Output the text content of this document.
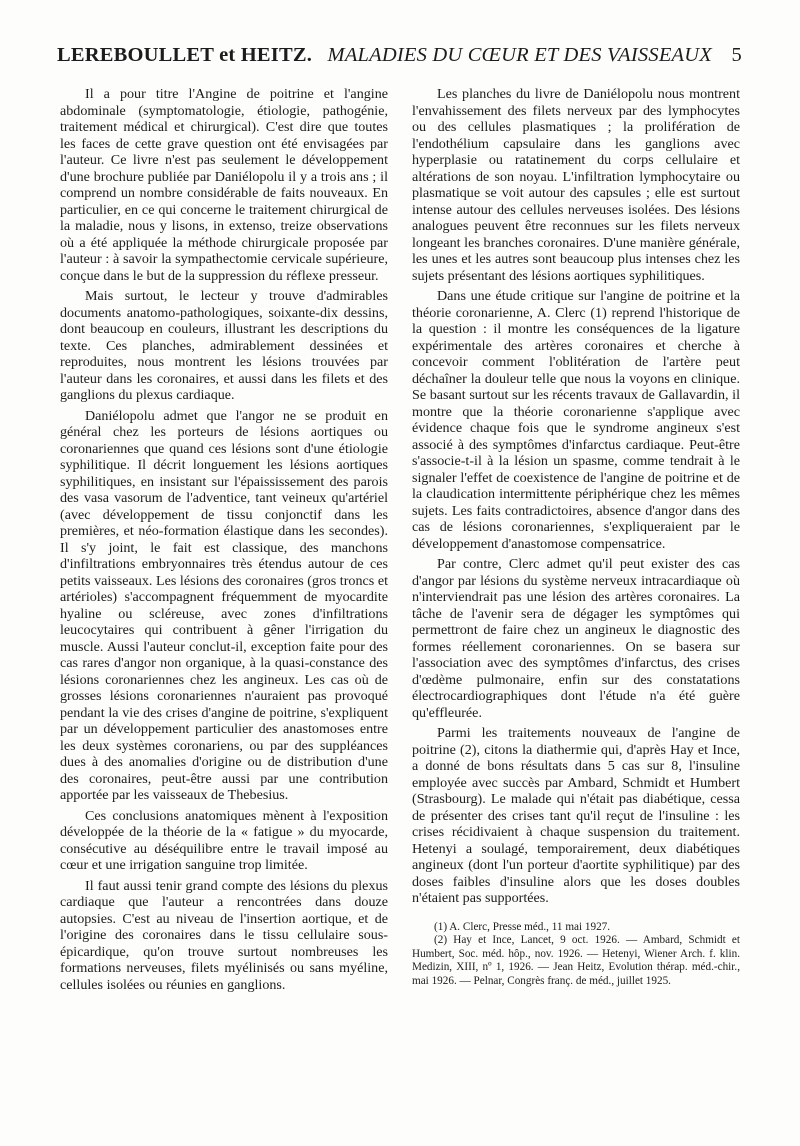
LEREBOULLET et HEITZ. MALADIES DU CŒUR ET DES VAISSEAUX 5

Il a pour titre l'Angine de poitrine et l'angine abdominale (symptomatologie, étiologie, pathogénie, traitement médical et chirurgical). C'est dire que toutes les faces de cette grave question ont été envisagées par l'auteur. Ce livre n'est pas seulement le développement d'une brochure publiée par Daniélopolu il y a trois ans ; il comprend un nombre considérable de faits nouveaux. En particulier, en ce qui concerne le traitement chirurgical de la maladie, nous y lisons, in extenso, treize observations où a été appliquée la méthode chirurgicale proposée par l'auteur : à savoir la sympathectomie cervicale supérieure, conçue dans le but de la suppression du réflexe presseur.

Mais surtout, le lecteur y trouve d'admirables documents anatomo-pathologiques, soixante-dix dessins, dont beaucoup en couleurs, illustrant les descriptions du texte. Ces planches, admirablement dessinées et reproduites, nous montrent les lésions trouvées par l'auteur dans les coronaires, et aussi dans les filets et des ganglions du plexus cardiaque.

Daniélopolu admet que l'angor ne se produit en général chez les porteurs de lésions aortiques ou coronariennes que quand ces lésions sont d'une étiologie syphilitique. Il décrit longuement les lésions aortiques syphilitiques, en insistant sur l'épaississement des parois des vasa vasorum de l'adventice, tant veineux qu'artériel (avec développement de tissu conjonctif dans les premières, et néo-formation élastique dans les secondes). Il s'y joint, le fait est classique, des manchons d'infiltrations embryonnaires très étendus autour de ces petits vaisseaux. Les lésions des coronaires (gros troncs et artérioles) s'accompagnent fréquemment de myocardite hyaline ou scléreuse, avec zones d'infiltrations leucocytaires qui contribuent à gêner l'irrigation du muscle. Aussi l'auteur conclut-il, exception faite pour des cas rares d'angor non organique, à la quasi-constance des lésions coronariennes chez les angineux. Les cas où de grosses lésions coronariennes n'auraient pas provoqué pendant la vie des crises d'angine de poitrine, s'expliquent par un développement particulier des anastomoses entre les deux systèmes coronariens, ou par des suppléances dues à des anomalies d'origine ou de distribution d'une des coronaires, peut-être aussi par une contribution apportée par les vaisseaux de Thebesius.

Ces conclusions anatomiques mènent à l'exposition développée de la théorie de la « fatigue » du myocarde, consécutive au déséquilibre entre le travail imposé au cœur et une irrigation sanguine trop limitée.

Il faut aussi tenir grand compte des lésions du plexus cardiaque que l'auteur a rencontrées dans douze autopsies. C'est au niveau de l'insertion aortique, et de l'origine des coronaires dans le tissu cellulaire sous-épicardique, qu'on trouve surtout nombreuses les formations nerveuses, filets myélinisés ou sans myéline, cellules isolées ou réunies en ganglions.

Les planches du livre de Daniélopolu nous montrent l'envahissement des filets nerveux par des lymphocytes ou des cellules plasmatiques ; la prolifération de l'endothélium capsulaire dans les ganglions avec hyperplasie ou ratatinement du corps cellulaire et altérations de son noyau. L'infiltration lymphocytaire ou plasmatique se voit autour des capsules ; elle est surtout intense autour des cellules nerveuses isolées. Des lésions analogues peuvent être reconnues sur les filets nerveux longeant les branches coronaires. D'une manière générale, les unes et les autres sont beaucoup plus intenses chez les sujets présentant des lésions aortiques syphilitiques.

Dans une étude critique sur l'angine de poitrine et la théorie coronarienne, A. Clerc (1) reprend l'historique de la question : il montre les conséquences de la ligature expérimentale des artères coronaires et cherche à concevoir comment l'oblitération de l'artère peut déchaîner la douleur telle que nous la voyons en clinique. Se basant surtout sur les récents travaux de Gallavardin, il montre que la théorie coronarienne s'applique avec évidence chaque fois que le syndrome angineux s'est associé à des symptômes d'infarctus cardiaque. Peut-être s'associe-t-il à la lésion un spasme, comme tendrait à le signaler l'effet de coexistence de l'angine de poitrine et de la claudication intermittente périphérique chez les mêmes sujets. Les faits contradictoires, absence d'angor dans des cas de lésions coronariennes, s'expliqueraient par le développement d'anastomose compensatrice.

Par contre, Clerc admet qu'il peut exister des cas d'angor par lésions du système nerveux intracardiaque où n'interviendrait pas une lésion des artères coronaires. La tâche de l'avenir sera de dégager les symptômes qui permettront de faire chez un angineux le diagnostic des formes réellement coronariennes. On se basera sur l'association avec des symptômes d'infarctus, des crises d'œdème pulmonaire, enfin sur des constatations électrocardiographiques dont l'étude n'a été guère qu'effleurée.

Parmi les traitements nouveaux de l'angine de poitrine (2), citons la diathermie qui, d'après Hay et Ince, a donné de bons résultats dans 5 cas sur 8, l'insuline employée avec succès par Ambard, Schmidt et Humbert (Strasbourg). Le malade qui n'était pas diabétique, cessa de présenter des crises tant qu'il reçut de l'insuline : les crises récidivaient à chaque suspension du traitement. Hetenyi a soulagé, temporairement, deux diabétiques angineux (dont l'un porteur d'aortite syphilitique) par des doses faibles d'insuline alors que les doses doubles n'étaient pas supportées.

(1) A. Clerc, Presse méd., 11 mai 1927.

(2) Hay et Ince, Lancet, 9 oct. 1926. — Ambard, Schmidt et Humbert, Soc. méd. hôp., nov. 1926. — Hetenyi, Wiener Arch. f. klin. Medizin, XIII, nº 1, 1926. — Jean Heitz, Evolution thérap. méd.-chir., mai 1926. — Pelnar, Congrès franç. de méd., juillet 1925.
